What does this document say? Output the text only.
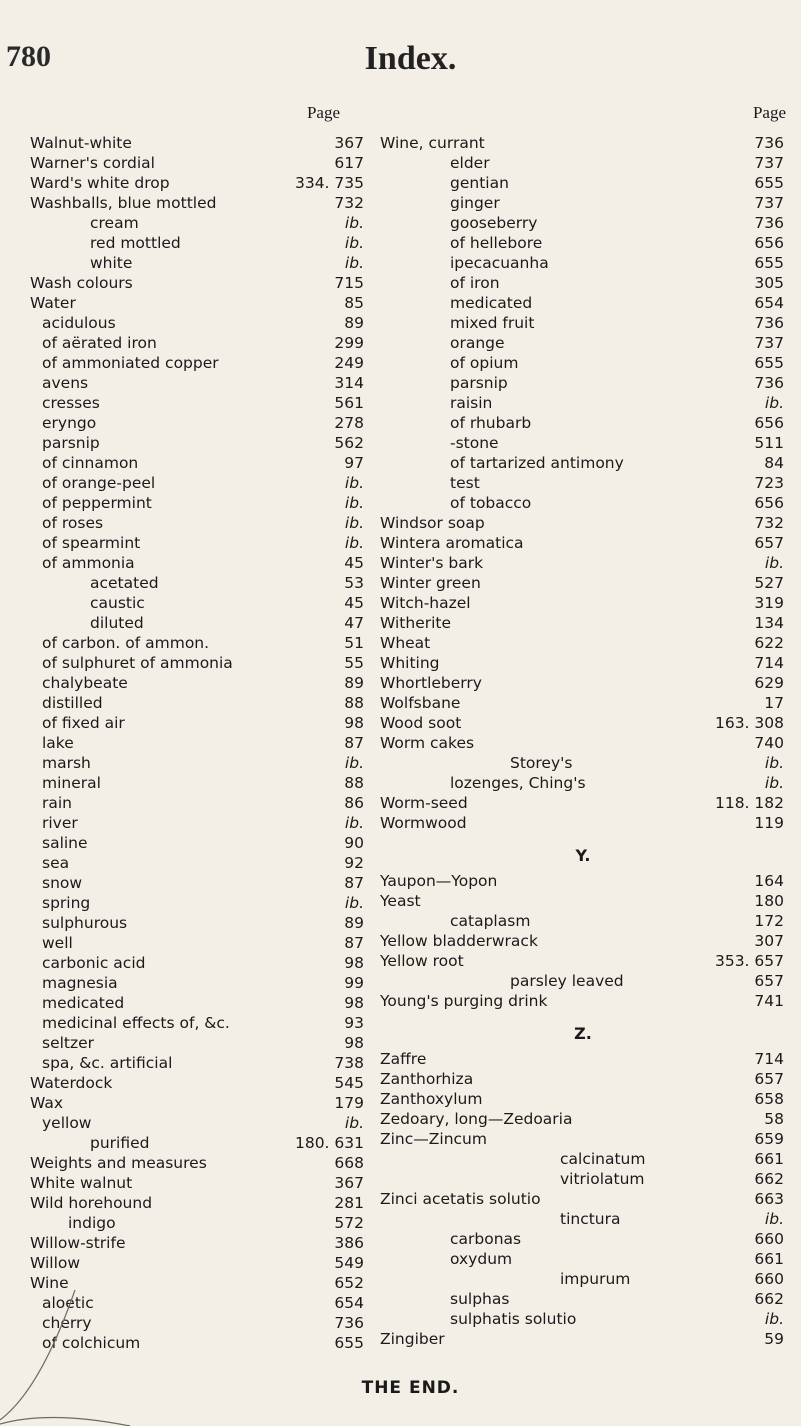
780	Index.
Page
Walnut-white	367
Warner's cordial	617
Ward's white drop	334. 735
Washballs, blue mottled	732
cream	ib.
red mottled	ib.
white	ib.
Wash colours	715
Water	85
acidulous	89
of aërated iron	299
of ammoniated copper	249
avens	314
cresses	561
eryngo	278
parsnip	562
of cinnamon	97
of orange-peel	ib.
of peppermint	ib.
of roses	ib.
of spearmint	ib.
of ammonia	45
acetated	53
caustic	45
diluted	47
of carbon. of ammon.	51
of sulphuret of ammonia	55
chalybeate	89
distilled	88
of fixed air	98
lake	87
marsh	ib.
mineral	88
rain	86
river	ib.
saline	90
sea	92
snow	87
spring	ib.
sulphurous	89
well	87
carbonic acid	98
magnesia	99
medicated	98
medicinal effects of, &c.	93
seltzer	98
spa, &c. artificial	738
Waterdock	545
Wax	179
yellow	ib.
purified	180. 631
Weights and measures	668
White walnut	367
Wild horehound	281
indigo	572
Willow-strife	386
Willow	549
Wine	652
aloetic	654
cherry	736
of colchicum	655
Page
Wine, currant	736
elder	737
gentian	655
ginger	737
gooseberry	736
of hellebore	656
ipecacuanha	655
of iron	305
medicated	654
mixed fruit	736
orange	737
of opium	655
parsnip	736
raisin	ib.
of rhubarb	656
-stone	511
of tartarized antimony	84
test	723
of tobacco	656
Windsor soap	732
Wintera aromatica	657
Winter's bark	ib.
Winter green	527
Witch-hazel	319
Witherite	134
Wheat	622
Whiting	714
Whortleberry	629
Wolfsbane	17
Wood soot	163. 308
Worm cakes	740
Storey's	ib.
lozenges, Ching's	ib.
Worm-seed	118. 182
Wormwood	119
Y.
Yaupon—Yopon	164
Yeast	180
cataplasm	172
Yellow bladderwrack	307
Yellow root	353. 657
parsley leaved	657
Young's purging drink	741
Z.
Zaffre	714
Zanthorhiza	657
Zanthoxylum	658
Zedoary, long—Zedoaria	58
Zinc—Zincum	659
calcinatum	661
vitriolatum	662
Zinci acetatis solutio	663
tinctura	ib.
carbonas	660
oxydum	661
impurum	660
sulphas	662
sulphatis solutio	ib.
Zingiber	59
THE END.
